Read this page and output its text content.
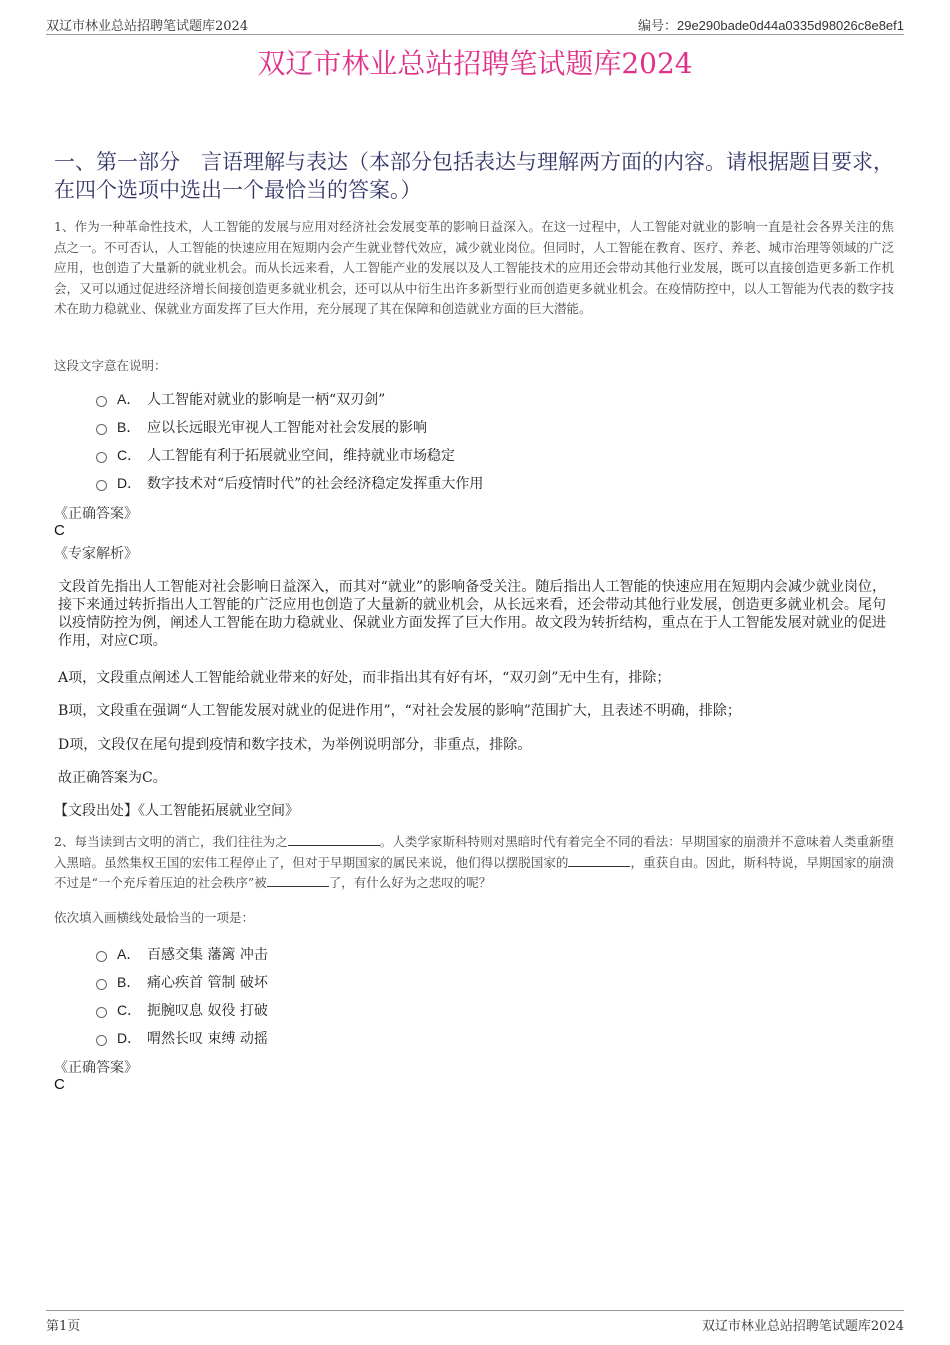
双辽市林业总站招聘笔试题库2024	编号：29e290bade0d44a0335d98026c8e8ef1
双辽市林业总站招聘笔试题库2024
一、第一部分　言语理解与表达（本部分包括表达与理解两方面的内容。请根据题目要求，在四个选项中选出一个最恰当的答案。）
1、作为一种革命性技术，人工智能的发展与应用对经济社会发展变革的影响日益深入。在这一过程中，人工智能对就业的影响一直是社会各界关注的焦点之一。不可否认，人工智能的快速应用在短期内会产生就业替代效应，减少就业岗位。但同时，人工智能在教育、医疗、养老、城市治理等领域的广泛应用，也创造了大量新的就业机会。而从长远来看，人工智能产业的发展以及人工智能技术的应用还会带动其他行业发展，既可以直接创造更多新工作机会，又可以通过促进经济增长间接创造更多就业机会，还可以从中衍生出许多新型行业而创造更多就业机会。在疫情防控中，以人工智能为代表的数字技术在助力稳就业、保就业方面发挥了巨大作用，充分展现了其在保障和创造就业方面的巨大潜能。
这段文字意在说明：
A． 人工智能对就业的影响是一柄“双刃剑”
B． 应以长远眼光审视人工智能对社会发展的影响
C． 人工智能有利于拓展就业空间，维持就业市场稳定
D． 数字技术对“后疫情时代”的社会经济稳定发挥重大作用
《正确答案》
C
《专家解析》
文段首先指出人工智能对社会影响日益深入，而其对“就业”的影响备受关注。随后指出人工智能的快速应用在短期内会减少就业岗位，接下来通过转折指出人工智能的广泛应用也创造了大量新的就业机会，从长远来看，还会带动其他行业发展，创造更多就业机会。尾句以疫情防控为例，阐述人工智能在助力稳就业、保就业方面发挥了巨大作用。故文段为转折结构，重点在于人工智能发展对就业的促进作用，对应C项。
A项，文段重点阐述人工智能给就业带来的好处，而非指出其有好有坏，“双刃剑”无中生有，排除；
B项，文段重在强调“人工智能发展对就业的促进作用”，“对社会发展的影响”范围扩大，且表述不明确，排除；
D项，文段仅在尾句提到疫情和数字技术，为举例说明部分，非重点，排除。
故正确答案为C。
【文段出处】《人工智能拓展就业空间》
2、每当读到古文明的消亡，我们往往为之	。人类学家斯科特则对黑暗时代有着完全不同的看法：早期国家的崩溃并不意味着人类重新堕入黑暗。虽然集权王国的宏伟工程停止了，但对于早期国家的属民来说，他们得以摆脱国家的	，重获自由。因此，斯科特说，早期国家的崩溃不过是“一个充斥着压迫的社会秩序”被	了，有什么好为之悲叹的呢？
依次填入画横线处最恰当的一项是：
A． 百感交集 藩篱 冲击
B． 痛心疾首 管制 破坏
C． 扼腕叹息 奴役 打破
D． 喟然长叹 束缚 动摇
《正确答案》
C
第1页	双辽市林业总站招聘笔试题库2024
